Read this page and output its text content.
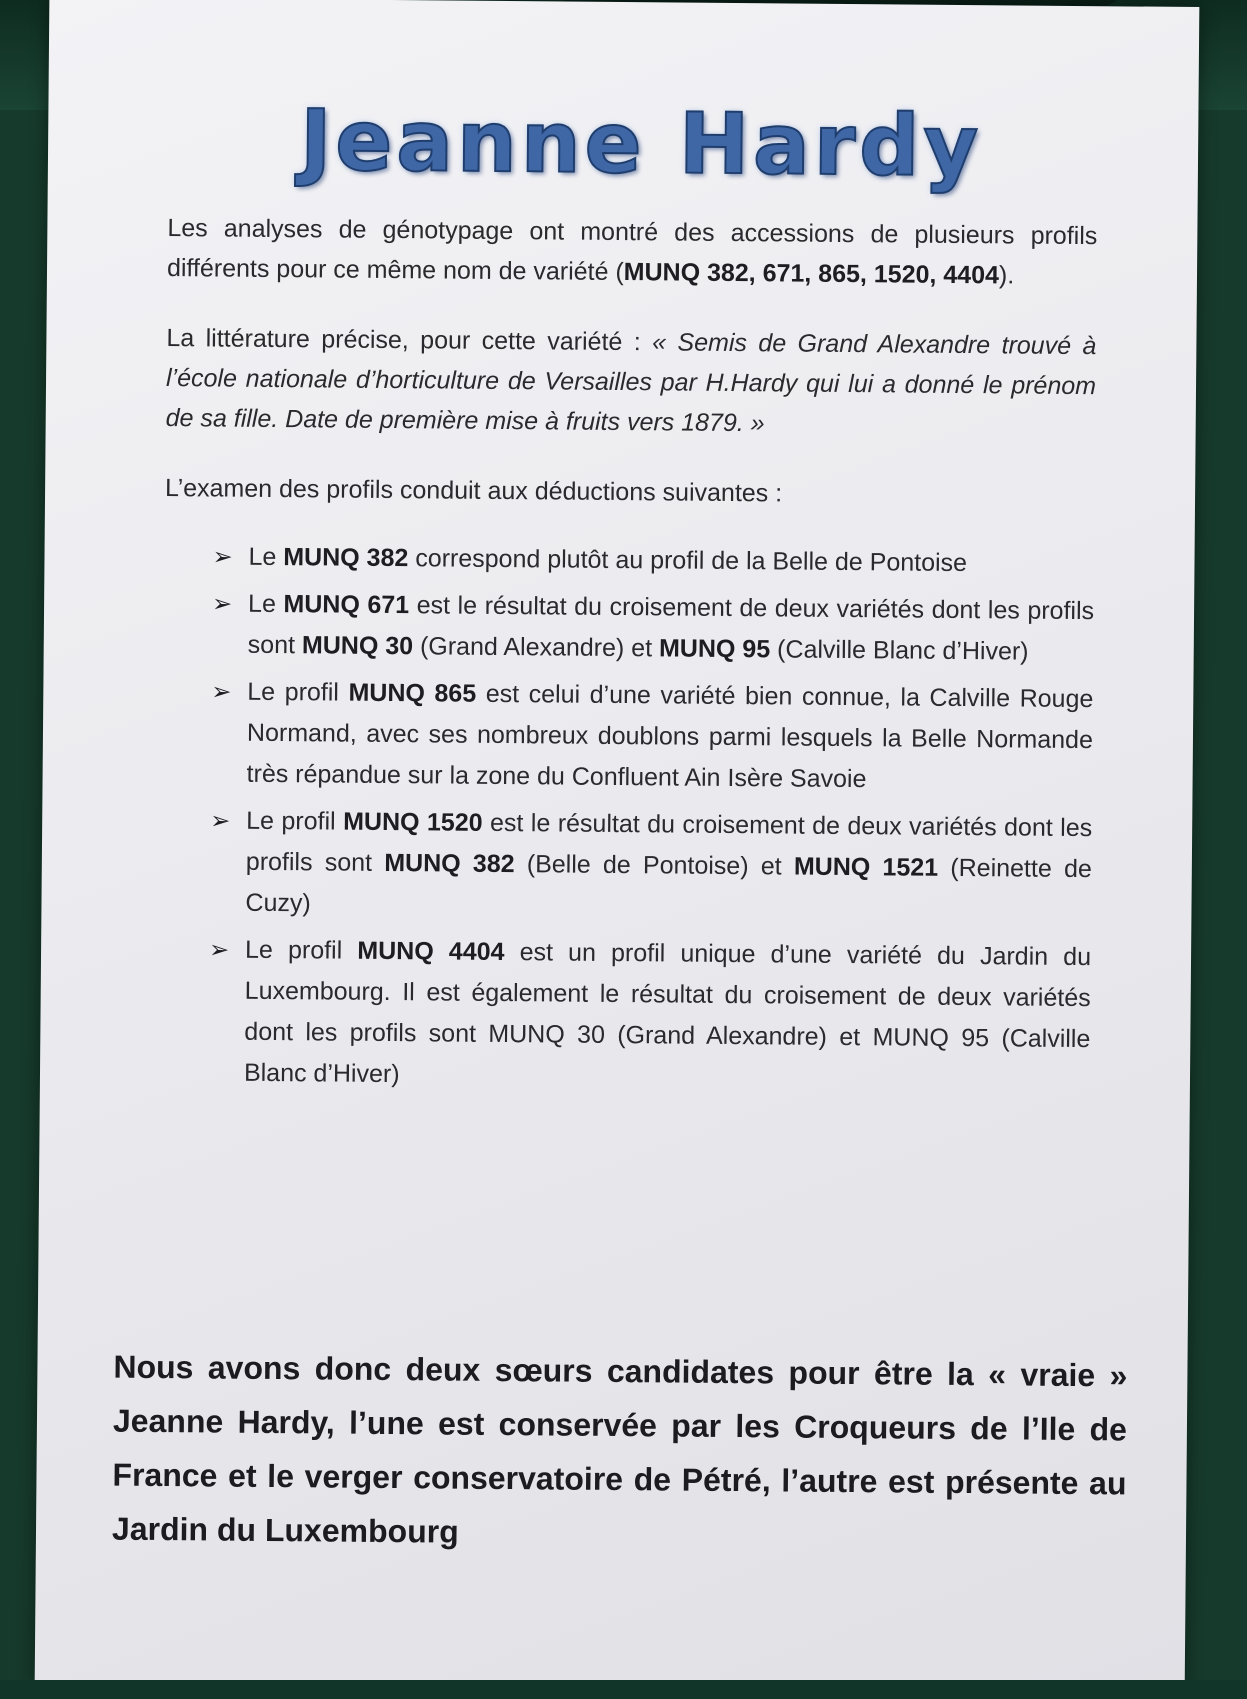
Jeanne Hardy

Les analyses de génotypage ont montré des accessions de plusieurs profils différents pour ce même nom de variété (MUNQ 382, 671, 865, 1520, 4404).

La littérature précise, pour cette variété : « Semis de Grand Alexandre trouvé à l’école nationale d’horticulture de Versailles par H.Hardy qui lui a donné le prénom de sa fille. Date de première mise à fruits vers 1879. »

L’examen des profils conduit aux déductions suivantes :

➢ Le MUNQ 382 correspond plutôt au profil de la Belle de Pontoise
➢ Le MUNQ 671 est le résultat du croisement de deux variétés dont les profils sont MUNQ 30 (Grand Alexandre) et MUNQ 95 (Calville Blanc d’Hiver)
➢ Le profil MUNQ 865 est celui d’une variété bien connue, la Calville Rouge Normand, avec ses nombreux doublons parmi lesquels la Belle Normande très répandue sur la zone du Confluent Ain Isère Savoie
➢ Le profil MUNQ 1520 est le résultat du croisement de deux variétés dont les profils sont MUNQ 382 (Belle de Pontoise) et MUNQ 1521 (Reinette de Cuzy)
➢ Le profil MUNQ 4404 est un profil unique d’une variété du Jardin du Luxembourg. Il est également le résultat du croisement de deux variétés dont les profils sont MUNQ 30 (Grand Alexandre) et MUNQ 95 (Calville Blanc d’Hiver)

Nous avons donc deux sœurs candidates pour être la « vraie » Jeanne Hardy, l’une est conservée par les Croqueurs de l’Ile de France et le verger conservatoire de Pétré, l’autre est présente au Jardin du Luxembourg
